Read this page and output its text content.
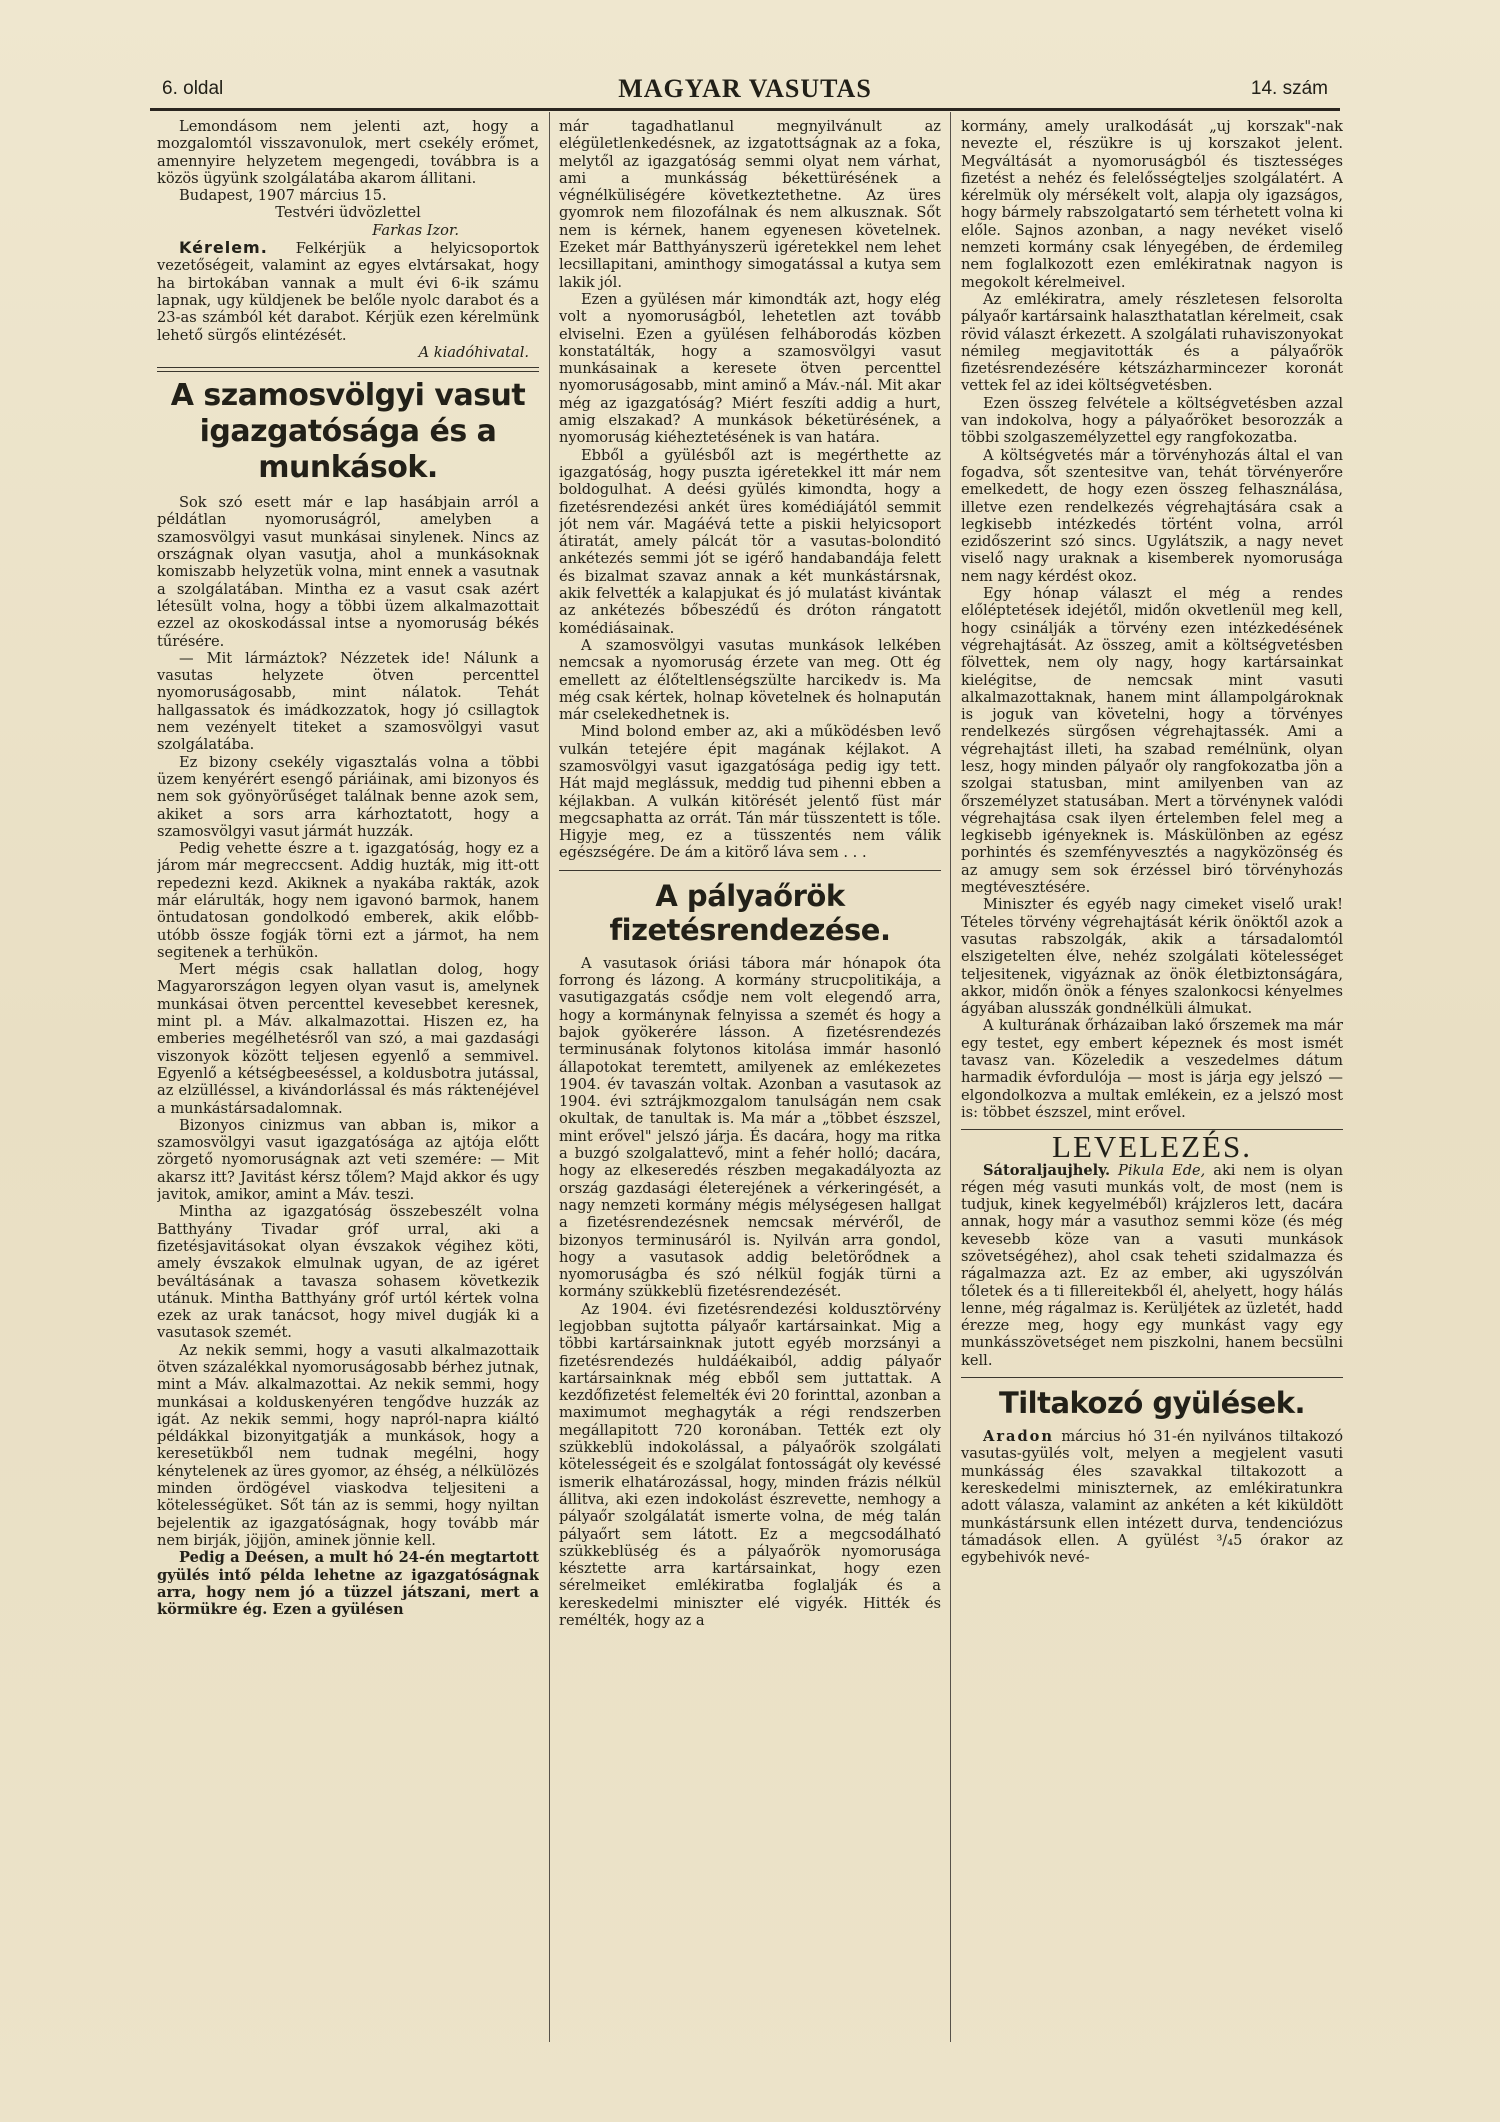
6. oldal	MAGYAR VASUTAS	14. szám

Lemondásom nem jelenti azt, hogy a mozgalomtól visszavonulok, mert csekély erőmet, amennyire helyzetem megengedi, továbbra is a közös ügyünk szolgálatába akarom állitani.

Budapest, 1907 március 15.

Testvéri üdvözlettel

Farkas Izor.

Kérelem. Felkérjük a helyicsoportok vezetőségeit, valamint az egyes elvtársakat, hogy ha birtokában vannak a mult évi 6-ik számu lapnak, ugy küldjenek be belőle nyolc darabot és a 23-as számból két darabot. Kérjük ezen kérelmünk lehető sürgős elintézését.

A kiadóhivatal.

A szamosvölgyi vasut igazgatósága és a munkások.

Sok szó esett már e lap hasábjain arról a példátlan nyomoruságról, amelyben a szamosvölgyi vasut munkásai sinylenek. Nincs az országnak olyan vasutja, ahol a munkásoknak komiszabb helyzetük volna, mint ennek a vasutnak a szolgálatában. Mintha ez a vasut csak azért létesült volna, hogy a többi üzem alkalmazottait ezzel az okoskodással intse a nyomoruság békés tűrésére.

— Mit lármáztok? Nézzetek ide! Nálunk a vasutas helyzete ötven percenttel nyomoruságosabb, mint nálatok. Tehát hallgassatok és imádkozzatok, hogy jó csillagtok nem vezényelt titeket a szamosvölgyi vasut szolgálatába.

Ez bizony csekély vigasztalás volna a többi üzem kenyérért esengő páriáinak, ami bizonyos és nem sok gyönyörűséget találnak benne azok sem, akiket a sors arra kárhoztatott, hogy a szamosvölgyi vasut jármát huzzák.

Pedig vehette észre a t. igazgatóság, hogy ez a járom már megreccsent. Addig huzták, mig itt-ott repedezni kezd. Akiknek a nyakába rakták, azok már elárulták, hogy nem igavonó barmok, hanem öntudatosan gondolkodó emberek, akik előbb-utóbb össze fogják törni ezt a jármot, ha nem segitenek a terhükön.

Mert mégis csak hallatlan dolog, hogy Magyarországon legyen olyan vasut is, amelynek munkásai ötven percenttel kevesebbet keresnek, mint pl. a Máv. alkalmazottai. Hiszen ez, ha emberies megélhetésről van szó, a mai gazdasági viszonyok között teljesen egyenlő a semmivel. Egyenlő a kétségbeeséssel, a koldusbotra jutással, az elzülléssel, a kivándorlással és más ráktenéjével a munkástársadalomnak.

Bizonyos cinizmus van abban is, mikor a szamosvölgyi vasut igazgatósága az ajtója előtt zörgető nyomoruságnak azt veti szemére: — Mit akarsz itt? Javitást kérsz tőlem? Majd akkor és ugy javitok, amikor, amint a Máv. teszi.

Mintha az igazgatóság összebeszélt volna Batthyány Tivadar gróf urral, aki a fizetésjavitásokat olyan évszakok végihez köti, amely évszakok elmulnak ugyan, de az igéret beváltásának a tavasza sohasem következik utánuk. Mintha Batthyány gróf urtól kértek volna ezek az urak tanácsot, hogy mivel dugják ki a vasutasok szemét.

Az nekik semmi, hogy a vasuti alkalmazottaik ötven százalékkal nyomoruságosabb bérhez jutnak, mint a Máv. alkalmazottai. Az nekik semmi, hogy munkásai a kolduskenyéren tengődve huzzák az igát. Az nekik semmi, hogy napról-napra kiáltó példákkal bizonyitgatják a munkások, hogy a keresetükből nem tudnak megélni, hogy kénytelenek az üres gyomor, az éhség, a nélkülözés minden ördögével viaskodva teljesiteni a kötelességüket. Sőt tán az is semmi, hogy nyiltan bejelentik az igazgatóságnak, hogy tovább már nem birják, jöjjön, aminek jönnie kell.

Pedig a Deésen, a mult hó 24-én megtartott gyülés intő példa lehetne az igazgatóságnak arra, hogy nem jó a tüzzel játszani, mert a körmükre ég. Ezen a gyülésen

már tagadhatlanul megnyilvánult az elégületlenkedésnek, az izgatottságnak az a foka, melytől az igazgatóság semmi olyat nem várhat, ami a munkásság békettürésének a végnélküliségére következtethetne. Az üres gyomrok nem filozofálnak és nem alkusznak. Sőt nem is kérnek, hanem egyenesen követelnek. Ezeket már Batthyányszerü igéretekkel nem lehet lecsillapitani, aminthogy simogatással a kutya sem lakik jól.

Ezen a gyülésen már kimondták azt, hogy elég volt a nyomoruságból, lehetetlen azt tovább elviselni. Ezen a gyülésen felháborodás közben konstatálták, hogy a szamosvölgyi vasut munkásainak a keresete ötven percenttel nyomoruságosabb, mint aminő a Máv.-nál. Mit akar még az igazgatóság? Miért feszíti addig a hurt, amig elszakad? A munkások béketürésének, a nyomoruság kiéheztetésének is van határa.

Ebből a gyülésből azt is megérthette az igazgatóság, hogy puszta igéretekkel itt már nem boldogulhat. A deési gyülés kimondta, hogy a fizetésrendezési ankét üres komédiájától semmit jót nem vár. Magáévá tette a piskii helyicsoport átiratát, amely pálcát tör a vasutas-bolonditó ankétezés semmi jót se igérő handabandája felett és bizalmat szavaz annak a két munkástársnak, akik felvették a kalapjukat és jó mulatást kivántak az ankétezés bőbeszédű és dróton rángatott komédiásainak.

A szamosvölgyi vasutas munkások lelkében nemcsak a nyomoruság érzete van meg. Ott ég emellett az élőteltlenségszülte harcikedv is. Ma még csak kértek, holnap követelnek és holnapután már cselekedhetnek is.

Mind bolond ember az, aki a működésben levő vulkán tetejére épit magának kéjlakot. A szamosvölgyi vasut igazgatósága pedig igy tett. Hát majd meglássuk, meddig tud pihenni ebben a kéjlakban. A vulkán kitörését jelentő füst már megcsaphatta az orrát. Tán már tüsszentett is tőle. Higyje meg, ez a tüsszentés nem válik egészségére. De ám a kitörő láva sem . . .

A pályaőrök fizetésrendezése.

A vasutasok óriási tábora már hónapok óta forrong és lázong. A kormány strucpolitikája, a vasutigazgatás csődje nem volt elegendő arra, hogy a kormánynak felnyissa a szemét és hogy a bajok gyökerére lásson. A fizetésrendezés terminusának folytonos kitolása immár hasonló állapotokat teremtett, amilyenek az emlékezetes 1904. év tavaszán voltak. Azonban a vasutasok az 1904. évi sztrájkmozgalom tanulságán nem csak okultak, de tanultak is. Ma már a „többet észszel, mint erővel" jelszó járja. És dacára, hogy ma ritka a buzgó szolgalattevő, mint a fehér holló; dacára, hogy az elkeseredés részben megakadályozta az ország gazdasági életerejének a vérkeringését, a nagy nemzeti kormány mégis mélységesen hallgat a fizetésrendezésnek nemcsak mérvéről, de bizonyos terminusáról is. Nyilván arra gondol, hogy a vasutasok addig beletörődnek a nyomoruságba és szó nélkül fogják türni a kormány szükkeblü fizetésrendezését.

Az 1904. évi fizetésrendezési koldusztörvény legjobban sujtotta pályaőr kartársainkat. Mig a többi kartársainknak jutott egyéb morzsányi a fizetésrendezés huldáékaiból, addig pályaőr kartársainknak még ebből sem juttattak. A kezdőfizetést felemelték évi 20 forinttal, azonban a maximumot meghagyták a régi rendszerben megállapitott 720 koronában. Tették ezt oly szükkeblü indokolással, a pályaőrök szolgálati kötelességeit és e szolgálat fontosságát oly kevéssé ismerik elhatározással, hogy, minden frázis nélkül állitva, aki ezen indokolást észrevette, nemhogy a pályaőr szolgálatát ismerte volna, de még talán pályaőrt sem látott. Ez a megcsodálható szükkeblüség és a pályaőrök nyomorusága késztette arra kartársainkat, hogy ezen sérelmeiket emlékiratba foglalják és a kereskedelmi miniszter elé vigyék. Hitték és remélték, hogy az a

kormány, amely uralkodását „uj korszak"-nak nevezte el, részükre is uj korszakot jelent. Megváltását a nyomoruságból és tisztességes fizetést a nehéz és felelősségteljes szolgálatért. A kérelmük oly mérsékelt volt, alapja oly igazságos, hogy bármely rabszolgatartó sem térhetett volna ki előle. Sajnos azonban, a nagy nevéket viselő nemzeti kormány csak lényegében, de érdemileg nem foglalkozott ezen emlékiratnak nagyon is megokolt kérelmeivel.

Az emlékiratra, amely részletesen felsorolta pályaőr kartársaink halaszthatatlan kérelmeit, csak rövid választ érkezett. A szolgálati ruhaviszonyokat némileg megjavitották és a pályaőrök fizetésrendezésére kétszázharmincezer koronát vettek fel az idei költségvetésben.

Ezen összeg felvétele a költségvetésben azzal van indokolva, hogy a pályaőröket besorozzák a többi szolgaszemélyzettel egy rangfokozatba.

A költségvetés már a törvényhozás által el van fogadva, sőt szentesitve van, tehát törvényerőre emelkedett, de hogy ezen összeg felhasználása, illetve ezen rendelkezés végrehajtására csak a legkisebb intézkedés történt volna, arról ezidőszerint szó sincs. Ugylátszik, a nagy nevet viselő nagy uraknak a kisemberek nyomorusága nem nagy kérdést okoz.

Egy hónap választ el még a rendes előléptetések idejétől, midőn okvetlenül meg kell, hogy csinálják a törvény ezen intézkedésének végrehajtását. Az összeg, amit a költségvetésben fölvettek, nem oly nagy, hogy kartársainkat kielégitse, de nemcsak mint vasuti alkalmazottaknak, hanem mint állampolgároknak is joguk van követelni, hogy a törvényes rendelkezés sürgősen végrehajtassék. Ami a végrehajtást illeti, ha szabad remélnünk, olyan lesz, hogy minden pályaőr oly rangfokozatba jön a szolgai statusban, mint amilyenben van az őrszemélyzet statusában. Mert a törvénynek valódi végrehajtása csak ilyen értelemben felel meg a legkisebb igényeknek is. Máskülönben az egész porhintés és szemfényvesztés a nagyközönség és az amugy sem sok érzéssel biró törvényhozás megtévesztésére.

Miniszter és egyéb nagy cimeket viselő urak! Tételes törvény végrehajtását kérik önöktől azok a vasutas rabszolgák, akik a társadalomtól elszigetelten élve, nehéz szolgálati kötelességet teljesitenek, vigyáznak az önök életbiztonságára, akkor, midőn önök a fényes szalonkocsi kényelmes ágyában alusszák gondnélküli álmukat.

A kulturának őrházaiban lakó őrszemek ma már egy testet, egy embert képeznek és most ismét tavasz van. Közeledik a veszedelmes dátum harmadik évfordulója — most is járja egy jelszó — elgondolkozva a multak emlékein, ez a jelszó most is: többet észszel, mint erővel.

LEVELEZÉS.

Sátoraljaujhely. Pikula Ede, aki nem is olyan régen még vasuti munkás volt, de most (nem is tudjuk, kinek kegyelméből) krájzleros lett, dacára annak, hogy már a vasuthoz semmi köze (és még kevesebb köze van a vasuti munkások szövetségéhez), ahol csak teheti szidalmazza és rágalmazza azt. Ez az ember, aki ugyszólván tőletek és a ti fillereitekből él, ahelyett, hogy hálás lenne, még rágalmaz is. Kerüljétek az üzletét, hadd érezze meg, hogy egy munkást vagy egy munkásszövetséget nem piszkolni, hanem becsülni kell.

Tiltakozó gyülések.

Aradon március hó 31-én nyilvános tiltakozó vasutas-gyülés volt, melyen a megjelent vasuti munkásság éles szavakkal tiltakozott a kereskedelmi miniszternek, az emlékiratunkra adott válasza, valamint az ankéten a két kiküldött munkástársunk ellen intézett durva, tendenciózus támadások ellen. A gyülést ³/₄5 órakor az egybehivók nevé-
